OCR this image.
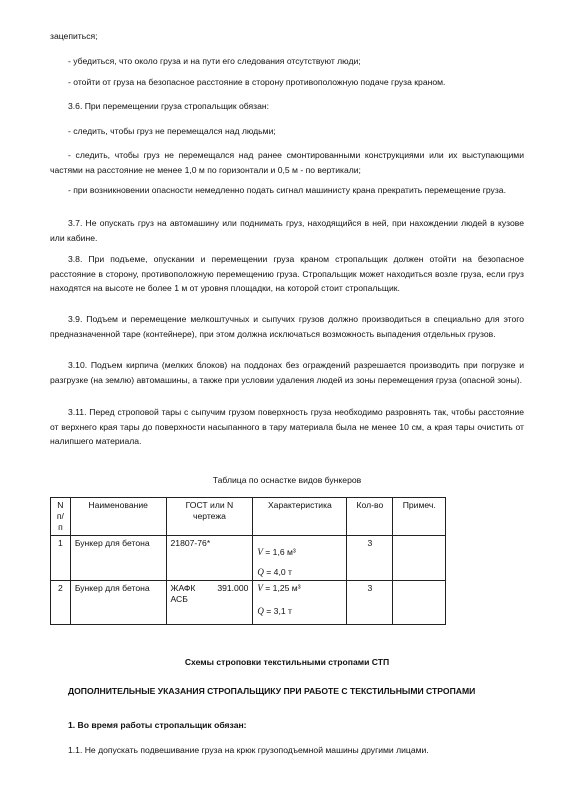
зацепиться;

- убедиться, что около груза и на пути его следования отсутствуют люди;

- отойти от груза на безопасное расстояние в сторону противоположную подаче груза краном.

3.6. При перемещении груза стропальщик обязан:

- следить, чтобы груз не перемещался над людьми;

- следить, чтобы груз не перемещался над ранее смонтированными конструкциями или их выступающими частями на расстояние не менее 1,0 м по горизонтали и 0,5 м - по вертикали;

- при возникновении опасности немедленно подать сигнал машинисту крана прекратить перемещение груза.

3.7. Не опускать груз на автомашину или поднимать груз, находящийся в ней, при нахождении людей в кузове или кабине.

3.8. При подъеме, опускании и перемещении груза краном стропальщик должен отойти на безопасное расстояние в сторону, противоположную перемещению груза. Стропальщик может находиться возле груза, если груз находятся на высоте не более 1 м от уровня площадки, на которой стоит стропальщик.

3.9. Подъем и перемещение мелкоштучных и сыпучих грузов должно производиться в специально для этого предназначенной таре (контейнере), при этом должна исключаться возможность выпадения отдельных грузов.

3.10. Подъем кирпича (мелких блоков) на поддонах без ограждений разрешается производить при погрузке и разгрузке (на землю) автомашины, а также при условии удаления людей из зоны перемещения груза (опасной зоны).

3.11. Перед строповой тары с сыпучим грузом поверхность груза необходимо разровнять так, чтобы расстояние от верхнего края тары до поверхности насыпанного в тару материала была не менее 10 см, а края тары очистить от налипшего материала.

Таблица по оснастке видов бункеров
N п/п	Наименование	ГОСТ или N чертежа	Характеристика	Кол-во	Примеч.
1	Бункер для бетона	21807-76*	V = 1,6 м³
Q = 4,0 т	3	
2	Бункер для бетона	ЖАФК 391.000 АСБ	V = 1,25 м³
Q = 3,1 т	3	
Схемы строповки текстильными стропами СТП

ДОПОЛНИТЕЛЬНЫЕ УКАЗАНИЯ СТРОПАЛЬЩИКУ ПРИ РАБОТЕ С ТЕКСТИЛЬНЫМИ СТРОПАМИ

1. Во время работы стропальщик обязан:

1.1. Не допускать подвешивание груза на крюк грузоподъемной машины другими лицами.
